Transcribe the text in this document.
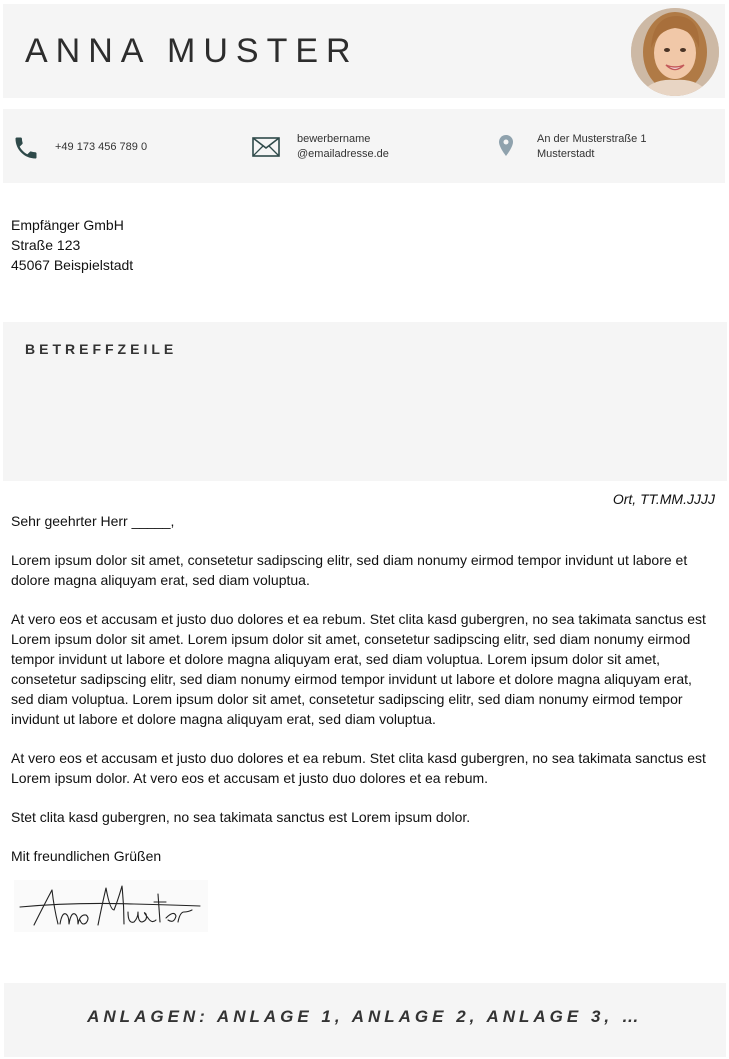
ANNA MUSTER
+49 173 456 789 0
bewerbername
@emailadresse.de
An der Musterstraße 1
Musterstadt
Empfänger GmbH
Straße 123
45067 Beispielstadt
BETREFFZEILE
Ort, TT.MM.JJJJ

Sehr geehrter Herr _____,

Lorem ipsum dolor sit amet, consetetur sadipscing elitr, sed diam nonumy eirmod tempor invidunt ut labore et dolore magna aliquyam erat, sed diam voluptua.

At vero eos et accusam et justo duo dolores et ea rebum. Stet clita kasd gubergren, no sea takimata sanctus est Lorem ipsum dolor sit amet. Lorem ipsum dolor sit amet, consetetur sadipscing elitr, sed diam nonumy eirmod tempor invidunt ut labore et dolore magna aliquyam erat, sed diam voluptua. Lorem ipsum dolor sit amet, consetetur sadipscing elitr, sed diam nonumy eirmod tempor invidunt ut labore et dolore magna aliquyam erat, sed diam voluptua. Lorem ipsum dolor sit amet, consetetur sadipscing elitr, sed diam nonumy eirmod tempor invidunt ut labore et dolore magna aliquyam erat, sed diam voluptua.

At vero eos et accusam et justo duo dolores et ea rebum. Stet clita kasd gubergren, no sea takimata sanctus est Lorem ipsum dolor. At vero eos et accusam et justo duo dolores et ea rebum.

Stet clita kasd gubergren, no sea takimata sanctus est Lorem ipsum dolor.

Mit freundlichen Grüßen

ANLAGEN: ANLAGE 1, ANLAGE 2, ANLAGE 3, …
